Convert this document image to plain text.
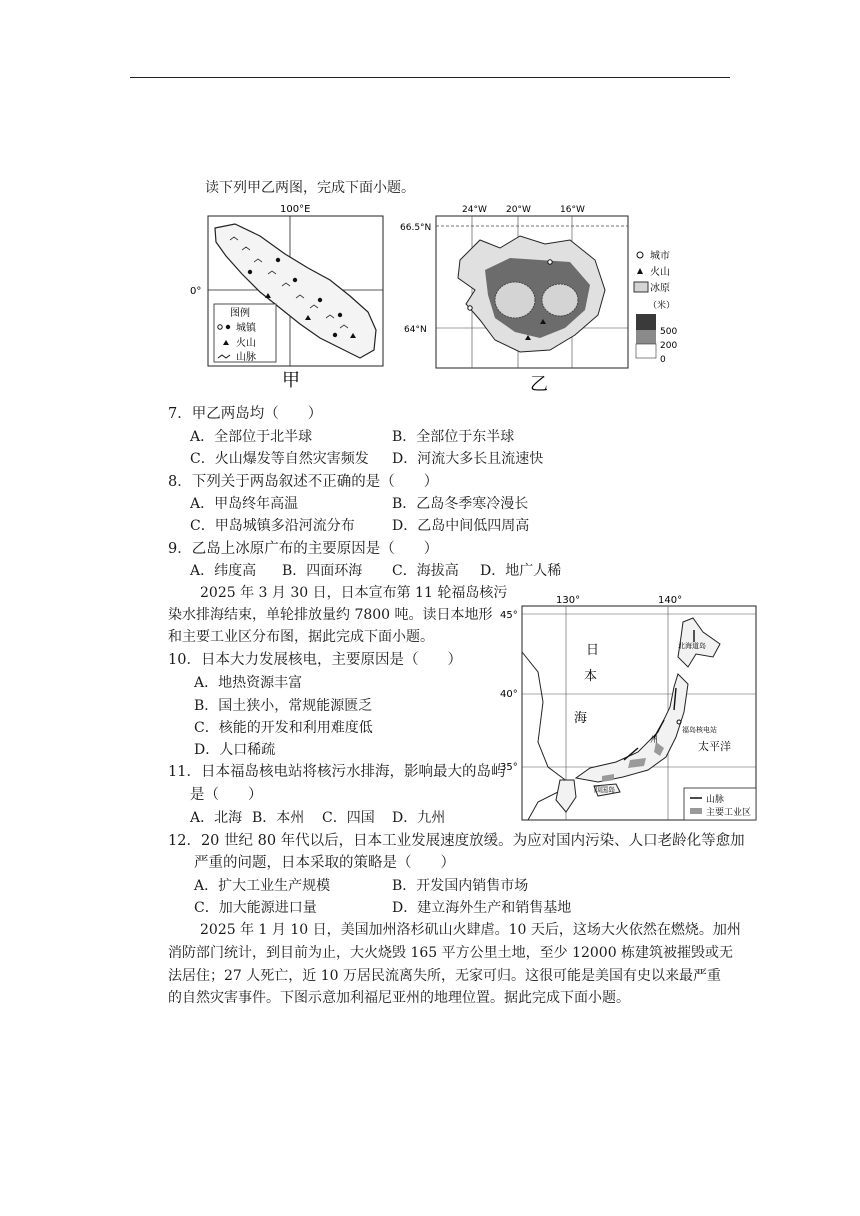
读下列甲乙两图，完成下面小题。
100°E
0°
图例
城镇
火山
山脉
甲
66.5°N
64°N
24°W 20°W	16°W
城市
火山
冰原
（米）
500
200
0
乙
7．甲乙两岛均（　　）
A．全部位于北半球	B．全部位于东半球
C．火山爆发等自然灾害频发 D．河流大多长且流速快
8．下列关于两岛叙述不正确的是（　　）
A．甲岛终年高温	B．乙岛冬季寒冷漫长
C．甲岛城镇多沿河流分布	D．乙岛中间低四周高
9．乙岛上冰原广布的主要原因是（　　）
A．纬度高 B．四面环海 C．海拔高 D．地广人稀
2025 年 3 月 30 日，日本宣布第 11 轮福岛核污
染水排海结束，单轮排放量约 7800 吨。读日本地形
和主要工业区分布图，据此完成下面小题。
10．日本大力发展核电，主要原因是（　　）
A．地热资源丰富
B．国土狭小，常规能源匮乏
C．核能的开发和利用难度低
D．人口稀疏
11．日本福岛核电站将核污水排海，影响最大的岛屿
是（　　）
A．北海 B．本州 C．四国 D．九州
130°	140°
45°
40°
35°
日
本
海
太平洋
北海道岛
福岛核电站
州
四国岛
山脉
主要工业区
12．20 世纪 80 年代以后，日本工业发展速度放缓。为应对国内污染、人口老龄化等愈加
严重的问题，日本采取的策略是（　　）
A．扩大工业生产规模	B．开发国内销售市场
C．加大能源进口量	D．建立海外生产和销售基地
2025 年 1 月 10 日，美国加州洛杉矶山火肆虐。10 天后，这场大火依然在燃烧。加州
消防部门统计，到目前为止，大火烧毁 165 平方公里土地，至少 12000 栋建筑被摧毁或无
法居住；27 人死亡，近 10 万居民流离失所，无家可归。这很可能是美国有史以来最严重
的自然灾害事件。下图示意加利福尼亚州的地理位置。据此完成下面小题。
